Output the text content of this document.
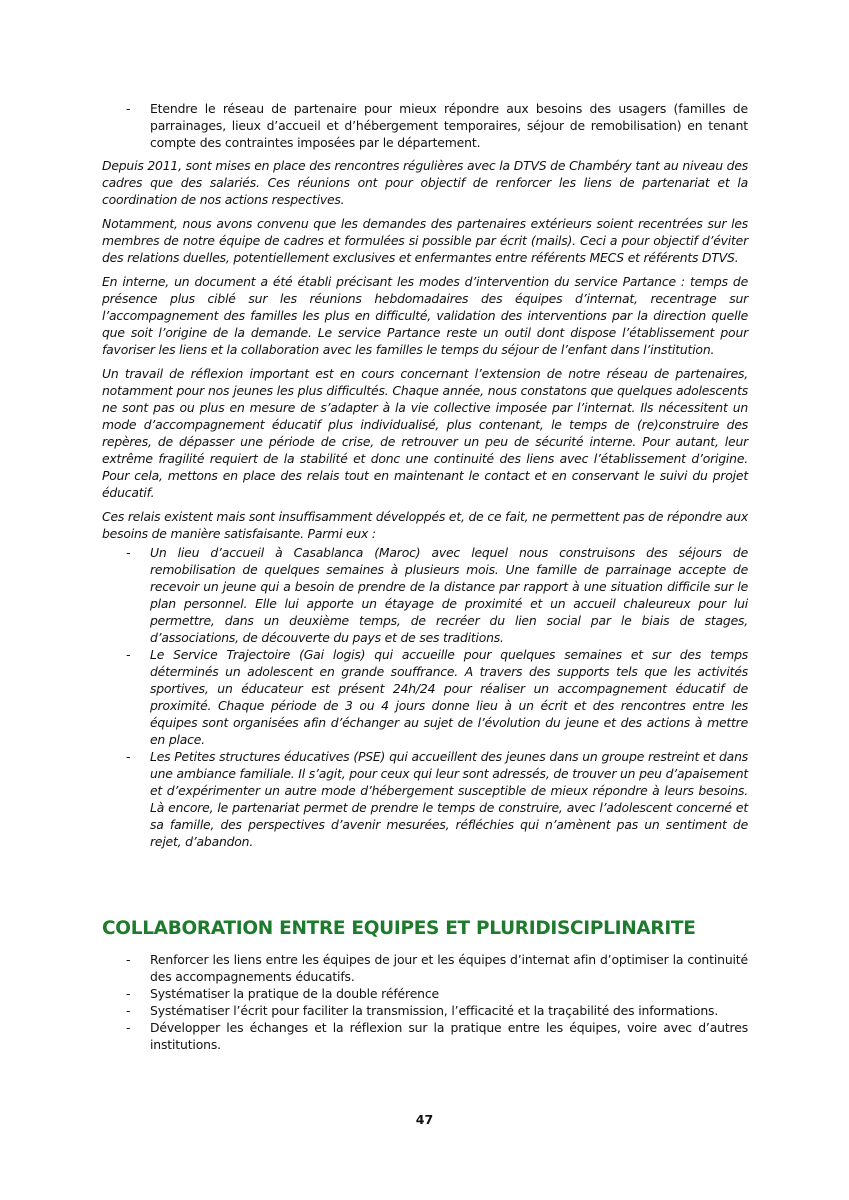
- Etendre le réseau de partenaire pour mieux répondre aux besoins des usagers (familles de parrainages, lieux d’accueil et d’hébergement temporaires, séjour de remobilisation) en tenant compte des contraintes imposées par le département.

Depuis 2011, sont mises en place des rencontres régulières avec la DTVS de Chambéry tant au niveau des cadres que des salariés. Ces réunions ont pour objectif de renforcer les liens de partenariat et la coordination de nos actions respectives.

Notamment, nous avons convenu que les demandes des partenaires extérieurs soient recentrées sur les membres de notre équipe de cadres et formulées si possible par écrit (mails). Ceci a pour objectif d’éviter des relations duelles, potentiellement exclusives et enfermantes entre référents MECS et référents DTVS.

En interne, un document a été établi précisant les modes d’intervention du service Partance : temps de présence plus ciblé sur les réunions hebdomadaires des équipes d’internat, recentrage sur l’accompagnement des familles les plus en difficulté, validation des interventions par la direction quelle que soit l’origine de la demande. Le service Partance reste un outil dont dispose l’établissement pour favoriser les liens et la collaboration avec les familles le temps du séjour de l’enfant dans l’institution.

Un travail de réflexion important est en cours concernant l’extension de notre réseau de partenaires, notamment pour nos jeunes les plus difficultés. Chaque année, nous constatons que quelques adolescents ne sont pas ou plus en mesure de s’adapter à la vie collective imposée par l’internat. Ils nécessitent un mode d’accompagnement éducatif plus individualisé, plus contenant, le temps de (re)construire des repères, de dépasser une période de crise, de retrouver un peu de sécurité interne. Pour autant, leur extrême fragilité requiert de la stabilité et donc une continuité des liens avec l’établissement d’origine. Pour cela, mettons en place des relais tout en maintenant le contact et en conservant le suivi du projet éducatif.

Ces relais existent mais sont insuffisamment développés et, de ce fait, ne permettent pas de répondre aux besoins de manière satisfaisante. Parmi eux :

- Un lieu d’accueil à Casablanca (Maroc) avec lequel nous construisons des séjours de remobilisation de quelques semaines à plusieurs mois. Une famille de parrainage accepte de recevoir un jeune qui a besoin de prendre de la distance par rapport à une situation difficile sur le plan personnel. Elle lui apporte un étayage de proximité et un accueil chaleureux pour lui permettre, dans un deuxième temps, de recréer du lien social par le biais de stages, d’associations, de découverte du pays et de ses traditions.
- Le Service Trajectoire (Gai logis) qui accueille pour quelques semaines et sur des temps déterminés un adolescent en grande souffrance. A travers des supports tels que les activités sportives, un éducateur est présent 24h/24 pour réaliser un accompagnement éducatif de proximité. Chaque période de 3 ou 4 jours donne lieu à un écrit et des rencontres entre les équipes sont organisées afin d’échanger au sujet de l’évolution du jeune et des actions à mettre en place.
- Les Petites structures éducatives (PSE) qui accueillent des jeunes dans un groupe restreint et dans une ambiance familiale. Il s’agit, pour ceux qui leur sont adressés, de trouver un peu d’apaisement et d’expérimenter un autre mode d’hébergement susceptible de mieux répondre à leurs besoins. Là encore, le partenariat permet de prendre le temps de construire, avec l’adolescent concerné et sa famille, des perspectives d’avenir mesurées, réfléchies qui n’amènent pas un sentiment de rejet, d’abandon.
COLLABORATION ENTRE EQUIPES ET PLURIDISCIPLINARITE
- Renforcer les liens entre les équipes de jour et les équipes d’internat afin d’optimiser la continuité des accompagnements éducatifs.
- Systématiser la pratique de la double référence
- Systématiser l’écrit pour faciliter la transmission, l’efficacité et la traçabilité des informations.
- Développer les échanges et la réflexion sur la pratique entre les équipes, voire avec d’autres institutions.
47
